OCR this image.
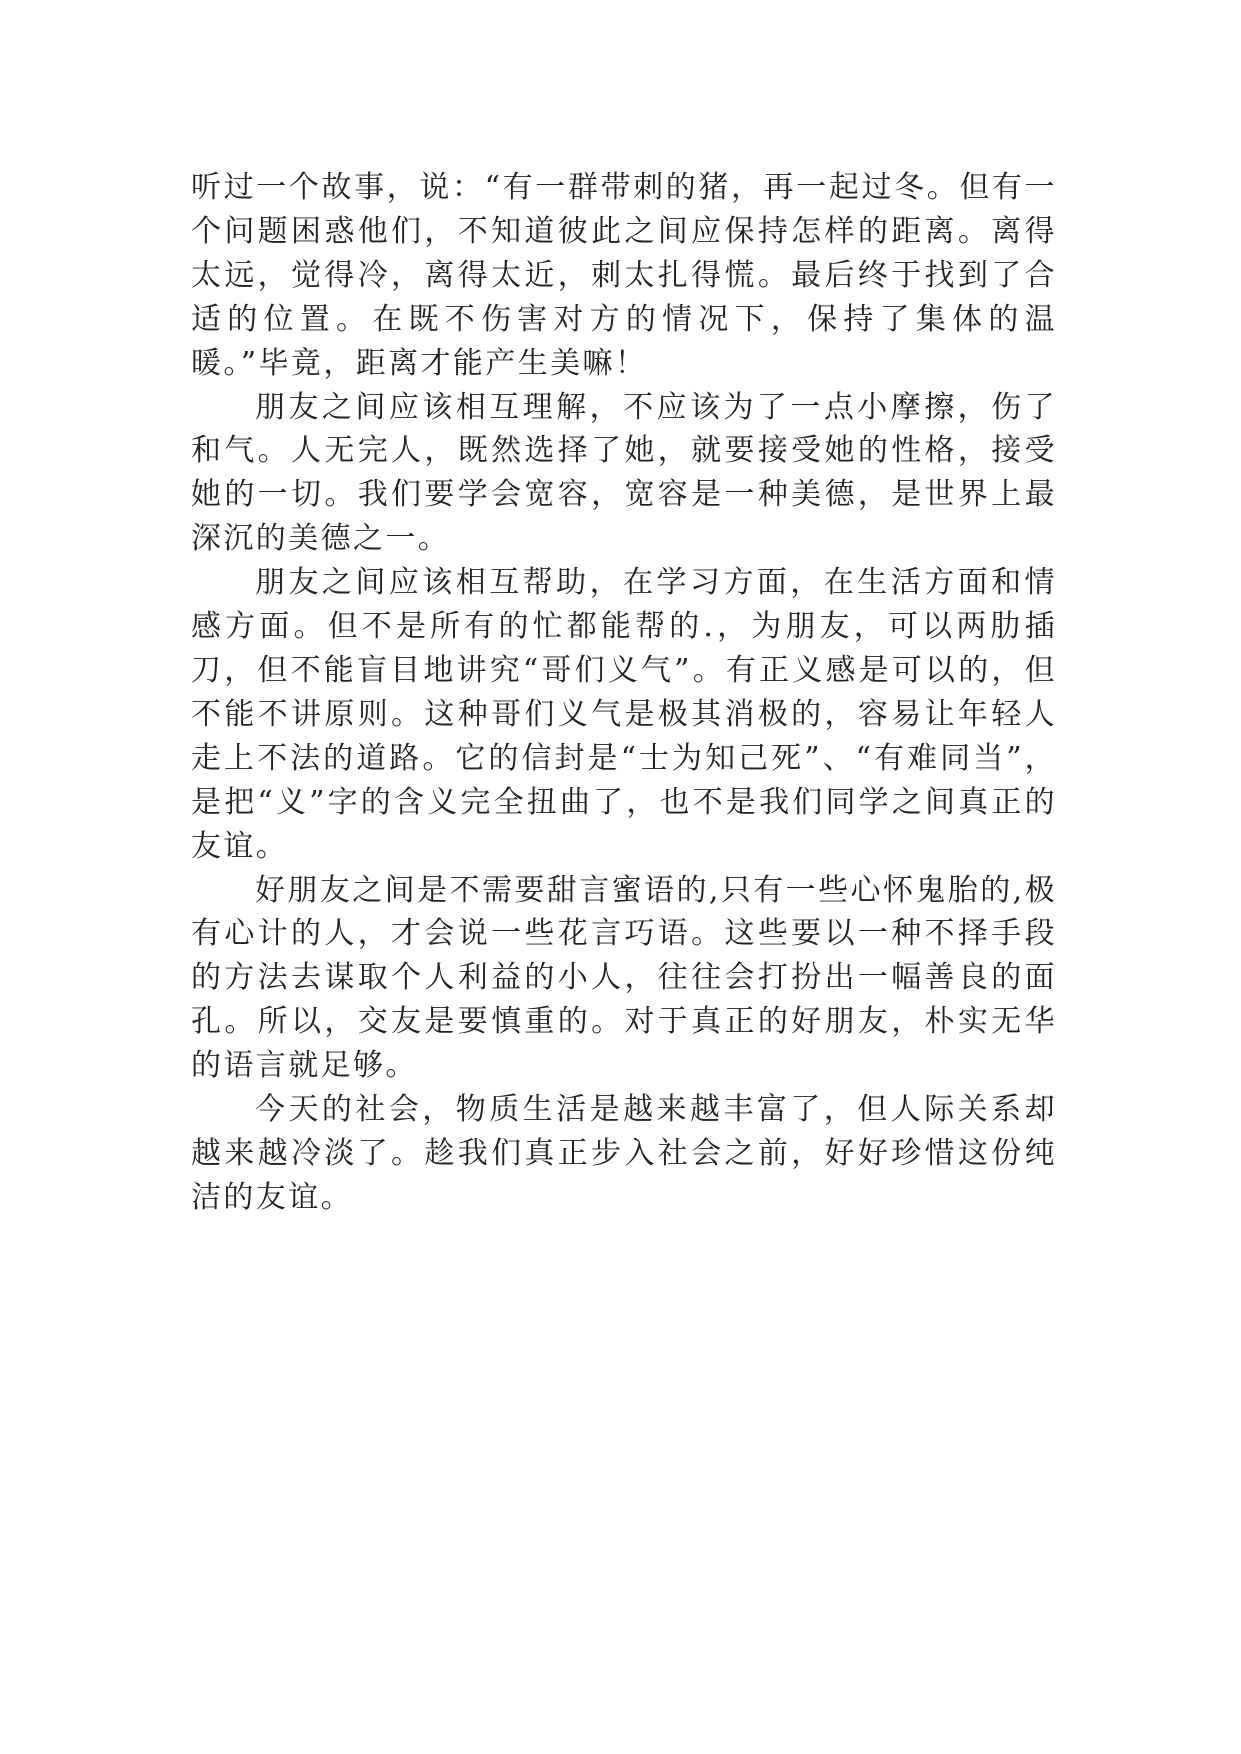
听过一个故事，说：“有一群带刺的猪，再一起过冬。但有一个问题困惑他们，不知道彼此之间应保持怎样的距离。离得太远，觉得冷，离得太近，刺太扎得慌。最后终于找到了合适的位置。在既不伤害对方的情况下，保持了集体的温暖。”毕竟，距离才能产生美嘛！

朋友之间应该相互理解，不应该为了一点小摩擦，伤了和气。人无完人，既然选择了她，就要接受她的性格，接受她的一切。我们要学会宽容，宽容是一种美德，是世界上最深沉的美德之一。

朋友之间应该相互帮助，在学习方面，在生活方面和情感方面。但不是所有的忙都能帮的.，为朋友，可以两肋插刀，但不能盲目地讲究“哥们义气”。有正义感是可以的，但不能不讲原则。这种哥们义气是极其消极的，容易让年轻人走上不法的道路。它的信封是“士为知己死”、“有难同当”，是把“义”字的含义完全扭曲了，也不是我们同学之间真正的友谊。

好朋友之间是不需要甜言蜜语的,只有一些心怀鬼胎的,极有心计的人，才会说一些花言巧语。这些要以一种不择手段的方法去谋取个人利益的小人，往往会打扮出一幅善良的面孔。所以，交友是要慎重的。对于真正的好朋友，朴实无华的语言就足够。

今天的社会，物质生活是越来越丰富了，但人际关系却越来越冷淡了。趁我们真正步入社会之前，好好珍惜这份纯洁的友谊。
